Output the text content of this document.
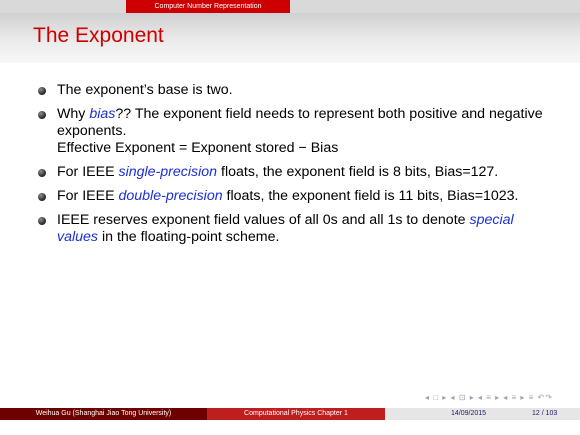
Computer Number Representation
The Exponent
The exponent’s base is two.
Why bias?? The exponent field needs to represent both positive and negative exponents.
Effective Exponent = Exponent stored − Bias
For IEEE single-precision floats, the exponent field is 8 bits, Bias=127.
For IEEE double-precision floats, the exponent field is 11 bits, Bias=1023.
IEEE reserves exponent field values of all 0s and all 1s to denote special values in the floating-point scheme.
◂ □ ▸ ◂ ⊡ ▸ ◂ ≡ ▸ ◂ ≡ ▸ ≡ ↶↷
Weihua Gu (Shanghai Jiao Tong University)	Computational Physics Chapter 1	14/09/2015	12 / 103
